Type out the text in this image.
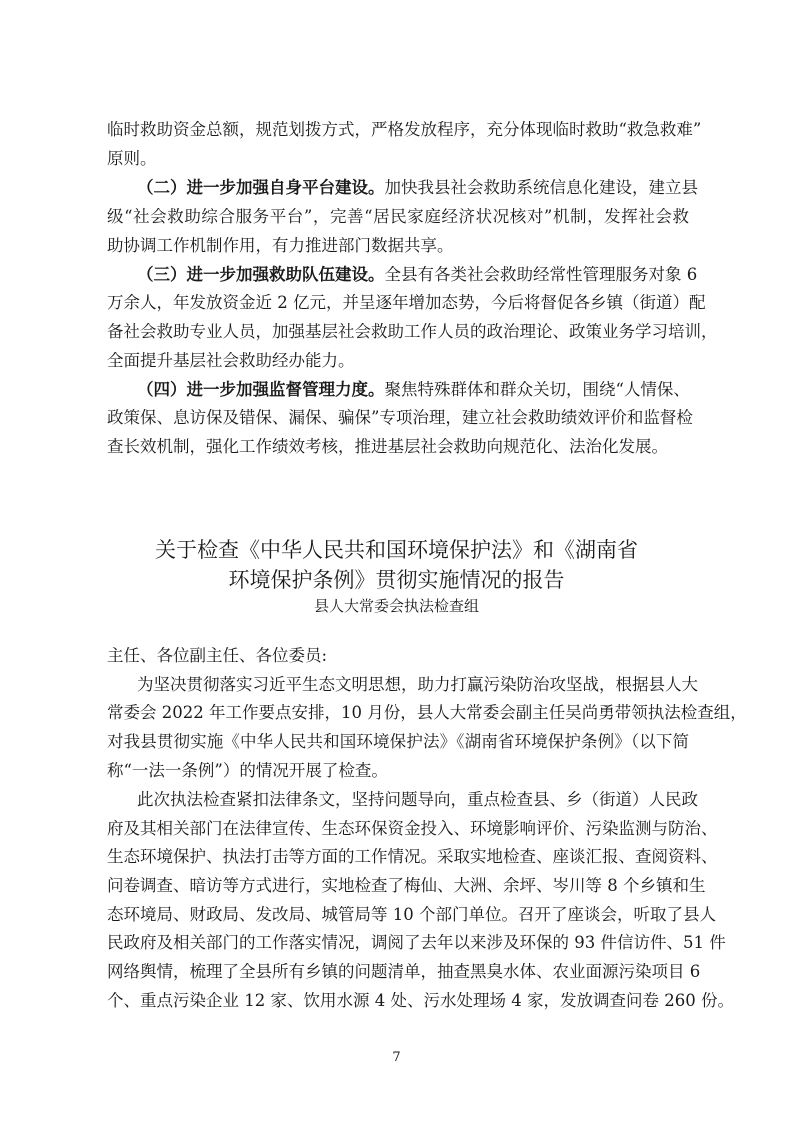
临时救助资金总额，规范划拨方式，严格发放程序，充分体现临时救助“救急救难”
原则。
（二）进一步加强自身平台建设。加快我县社会救助系统信息化建设，建立县
级“社会救助综合服务平台”，完善“居民家庭经济状况核对”机制，发挥社会救
助协调工作机制作用，有力推进部门数据共享。
（三）进一步加强救助队伍建设。全县有各类社会救助经常性管理服务对象 6
万余人，年发放资金近 2 亿元，并呈逐年增加态势，今后将督促各乡镇（街道）配
备社会救助专业人员，加强基层社会救助工作人员的政治理论、政策业务学习培训，
全面提升基层社会救助经办能力。
（四）进一步加强监督管理力度。聚焦特殊群体和群众关切，围绕“人情保、
政策保、息访保及错保、漏保、骗保”专项治理，建立社会救助绩效评价和监督检
查长效机制，强化工作绩效考核，推进基层社会救助向规范化、法治化发展。
关于检查《中华人民共和国环境保护法》和《湖南省
环境保护条例》贯彻实施情况的报告
县人大常委会执法检查组
主任、各位副主任、各位委员:
为坚决贯彻落实习近平生态文明思想，助力打赢污染防治攻坚战，根据县人大
常委会 2022 年工作要点安排，10 月份，县人大常委会副主任吴尚勇带领执法检查组，
对我县贯彻实施《中华人民共和国环境保护法》《湖南省环境保护条例》（以下简
称“一法一条例”）的情况开展了检查。
此次执法检查紧扣法律条文，坚持问题导向，重点检查县、乡（街道）人民政
府及其相关部门在法律宣传、生态环保资金投入、环境影响评价、污染监测与防治、
生态环境保护、执法打击等方面的工作情况。采取实地检查、座谈汇报、查阅资料、
问卷调查、暗访等方式进行，实地检查了梅仙、大洲、余坪、岑川等 8 个乡镇和生
态环境局、财政局、发改局、城管局等 10 个部门单位。召开了座谈会，听取了县人
民政府及相关部门的工作落实情况，调阅了去年以来涉及环保的 93 件信访件、51 件
网络舆情，梳理了全县所有乡镇的问题清单，抽查黑臭水体、农业面源污染项目 6
个、重点污染企业 12 家、饮用水源 4 处、污水处理场 4 家，发放调查问卷 260 份。
7
